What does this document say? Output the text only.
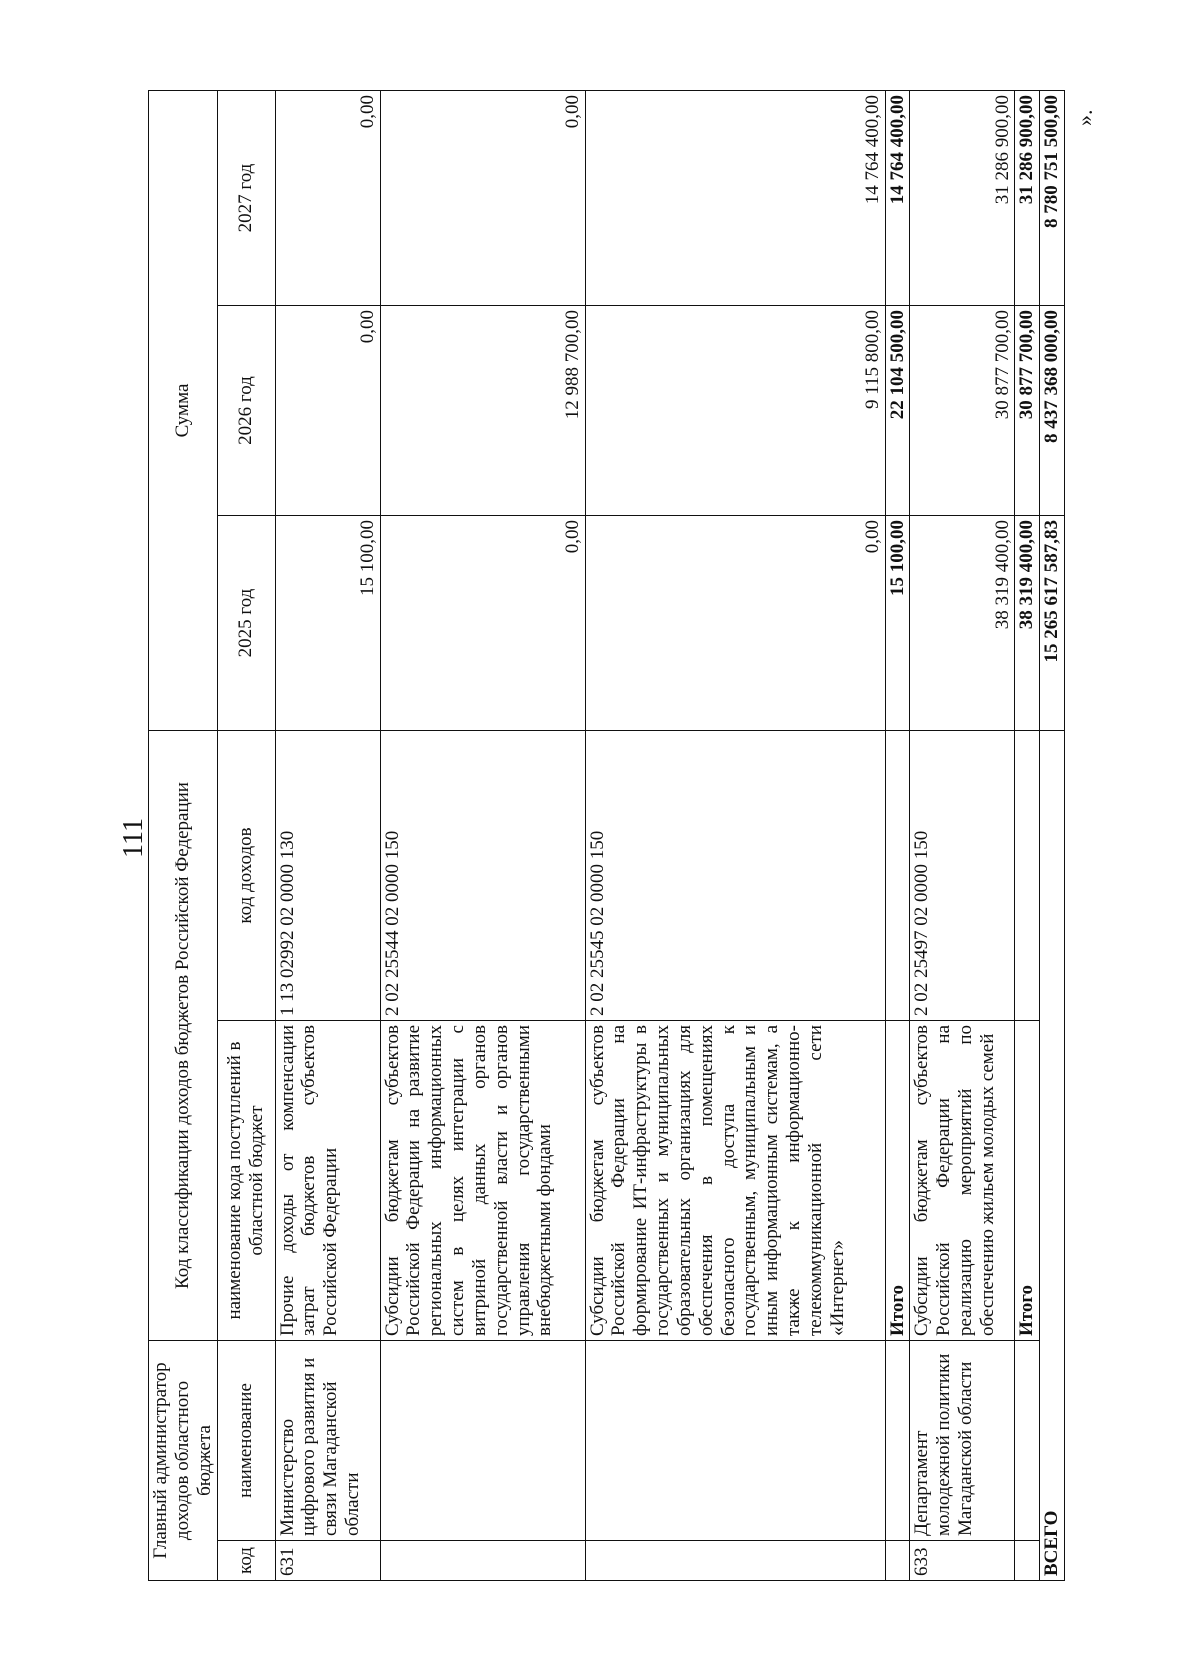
111
Главный администратор доходов областного бюджета		Код классификации доходов бюджетов Российской Федерации		Сумма		
код	наименование	наименование кода поступлений в областной бюджет	код доходов	2025 год	2026 год	2027 год
631	Министерство цифрового развития и связи Магаданской области	Прочие доходы от компенсации затрат бюджетов субъектов Российской Федерации	1 13 02992 02 0000 130	15 100,00	0,00	0,00
		Субсидии бюджетам субъектов Российской Федерации на развитие региональных информационных систем в целях интеграции с витриной данных органов государственной власти и органов управления государственными внебюджетными фондами	2 02 25544 02 0000 150	0,00	12 988 700,00	0,00
		Субсидии бюджетам субъектов Российской Федерации на формирование ИТ-инфраструктуры в государственных и муниципальных образовательных организациях для обеспечения в помещениях безопасного доступа к государственным, муниципальным и иным информационным системам, а также к информационно-телекоммуникационной сети «Интернет»	2 02 25545 02 0000 150	0,00	9 115 800,00	14 764 400,00
		Итого		15 100,00	22 104 500,00	14 764 400,00
633	Департамент молодежной политики Магаданской области	Субсидии бюджетам субъектов Российской Федерации на реализацию мероприятий по обеспечению жильем молодых семей	2 02 25497 02 0000 150	38 319 400,00	30 877 700,00	31 286 900,00
		Итого		38 319 400,00	30 877 700,00	31 286 900,00
ВСЕГО				15 265 617 587,83	8 437 368 000,00	8 780 751 500,00 ».
